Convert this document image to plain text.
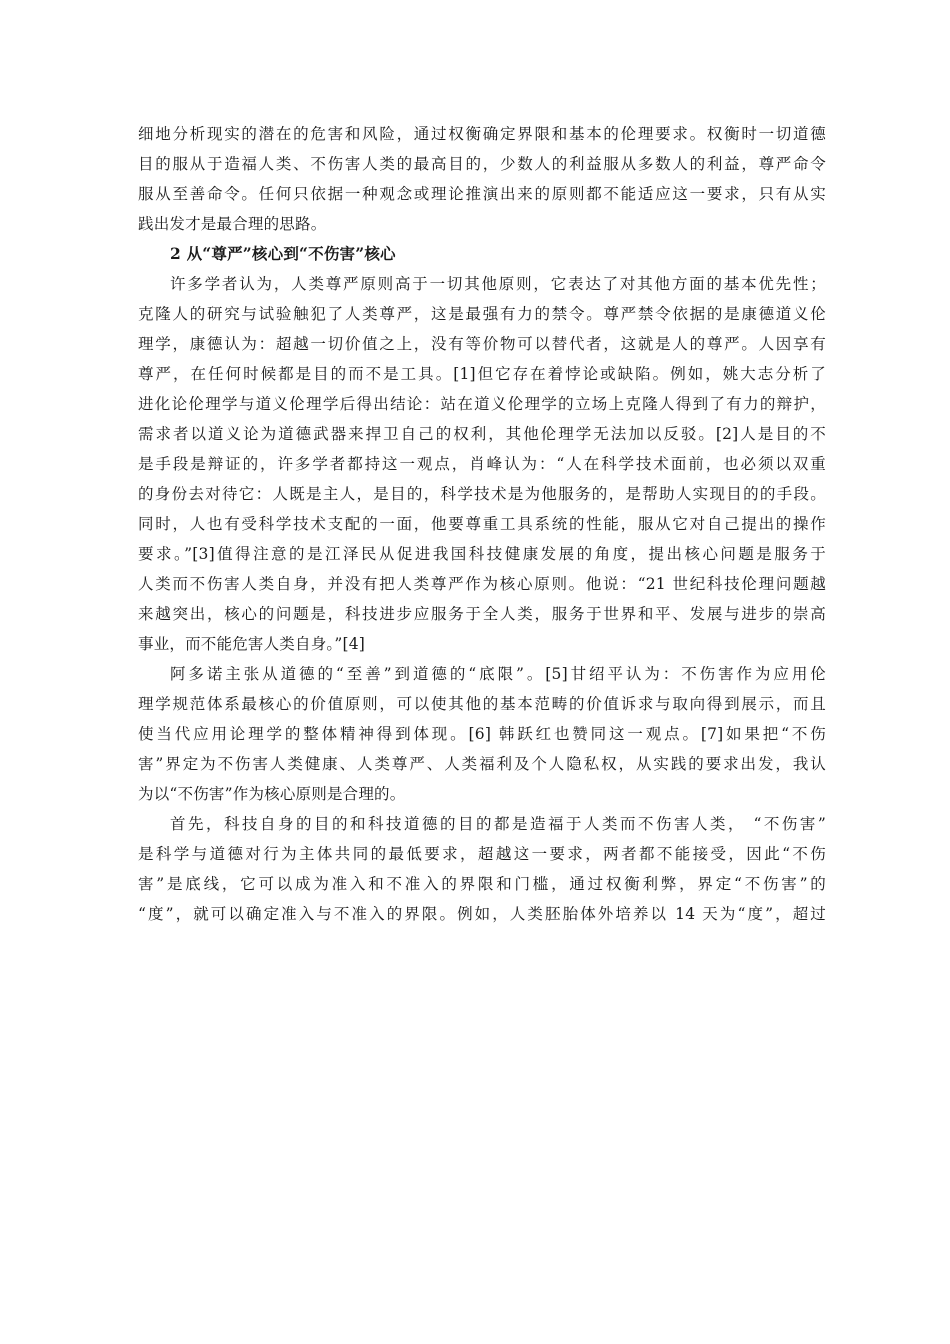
细地分析现实的潜在的危害和风险，通过权衡确定界限和基本的伦理要求。权衡时一切道德
目的服从于造福人类、不伤害人类的最高目的，少数人的利益服从多数人的利益，尊严命令
服从至善命令。任何只依据一种观念或理论推演出来的原则都不能适应这一要求，只有从实
践出发才是最合理的思路。
2 从“尊严”核心到“不伤害”核心
许多学者认为，人类尊严原则高于一切其他原则，它表达了对其他方面的基本优先性；
克隆人的研究与试验触犯了人类尊严，这是最强有力的禁令。尊严禁令依据的是康德道义伦
理学，康德认为：超越一切价值之上，没有等价物可以替代者，这就是人的尊严。人因享有
尊严，在任何时候都是目的而不是工具。[1]但它存在着悖论或缺陷。例如，姚大志分析了
进化论伦理学与道义伦理学后得出结论：站在道义伦理学的立场上克隆人得到了有力的辩护，
需求者以道义论为道德武器来捍卫自己的权利，其他伦理学无法加以反驳。[2]人是目的不
是手段是辩证的，许多学者都持这一观点，肖峰认为：“人在科学技术面前，也必须以双重
的身份去对待它：人既是主人，是目的，科学技术是为他服务的，是帮助人实现目的的手段。
同时，人也有受科学技术支配的一面，他要尊重工具系统的性能，服从它对自己提出的操作
要求。”[3]值得注意的是江泽民从促进我国科技健康发展的角度，提出核心问题是服务于
人类而不伤害人类自身，并没有把人类尊严作为核心原则。他说：“21 世纪科技伦理问题越
来越突出，核心的问题是，科技进步应服务于全人类，服务于世界和平、发展与进步的崇高
事业，而不能危害人类自身。”[4]
阿多诺主张从道德的“至善”到道德的“底限”。[5]甘绍平认为：不伤害作为应用伦
理学规范体系最核心的价值原则，可以使其他的基本范畴的价值诉求与取向得到展示，而且
使当代应用论理学的整体精神得到体现。[6] 韩跃红也赞同这一观点。[7]如果把“不伤
害”界定为不伤害人类健康、人类尊严、人类福利及个人隐私权，从实践的要求出发，我认
为以“不伤害”作为核心原则是合理的。
首先，科技自身的目的和科技道德的目的都是造福于人类而不伤害人类， “不伤害”
是科学与道德对行为主体共同的最低要求，超越这一要求，两者都不能接受，因此“不伤
害”是底线，它可以成为准入和不准入的界限和门槛，通过权衡利弊，界定“不伤害”的
“度”，就可以确定准入与不准入的界限。例如，人类胚胎体外培养以 14 天为“度”，超过
